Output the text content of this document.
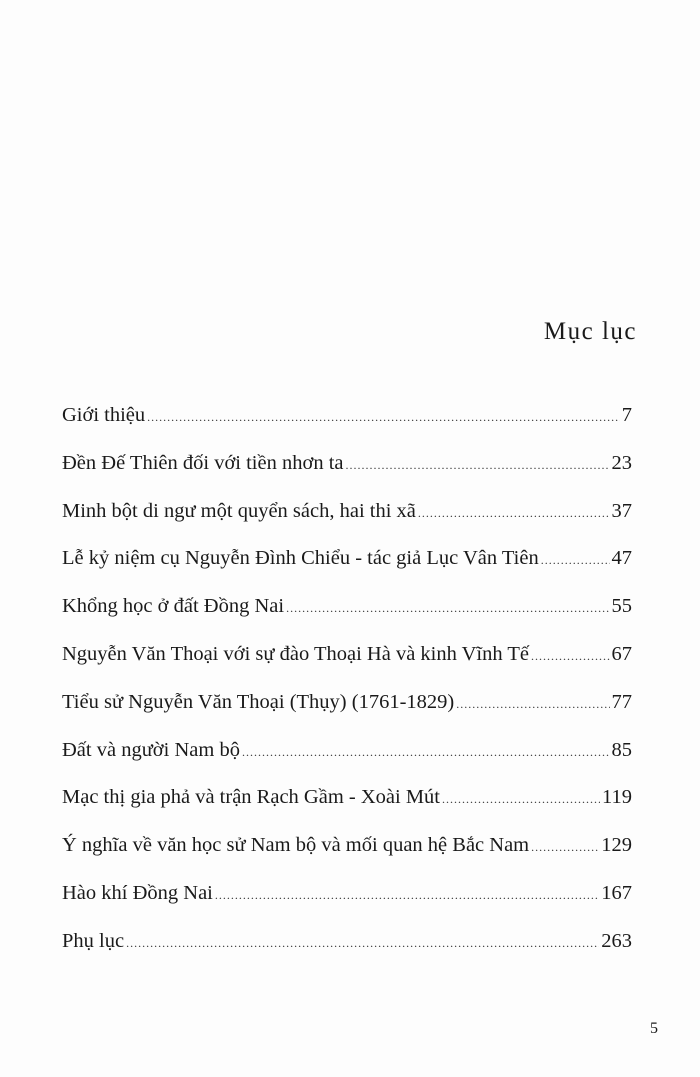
Mục lục
Giới thiệu .....	7
Đền Đế Thiên đối với tiền nhơn ta .....	23
Minh bột di ngư một quyển sách, hai thi xã .....	37
Lễ kỷ niệm cụ Nguyễn Đình Chiểu - tác giả Lục Vân Tiên .....	47
Khổng học ở đất Đồng Nai .....	55
Nguyễn Văn Thoại với sự đào Thoại Hà và kinh Vĩnh Tế .....	67
Tiểu sử Nguyễn Văn Thoại (Thụy) (1761-1829) .....	77
Đất và người Nam bộ .....	85
Mạc thị gia phả và trận Rạch Gầm - Xoài Mút .....	119
Ý nghĩa về văn học sử Nam bộ và mối quan hệ Bắc Nam .....	129
Hào khí Đồng Nai .....	167
Phụ lục .....	263
5
